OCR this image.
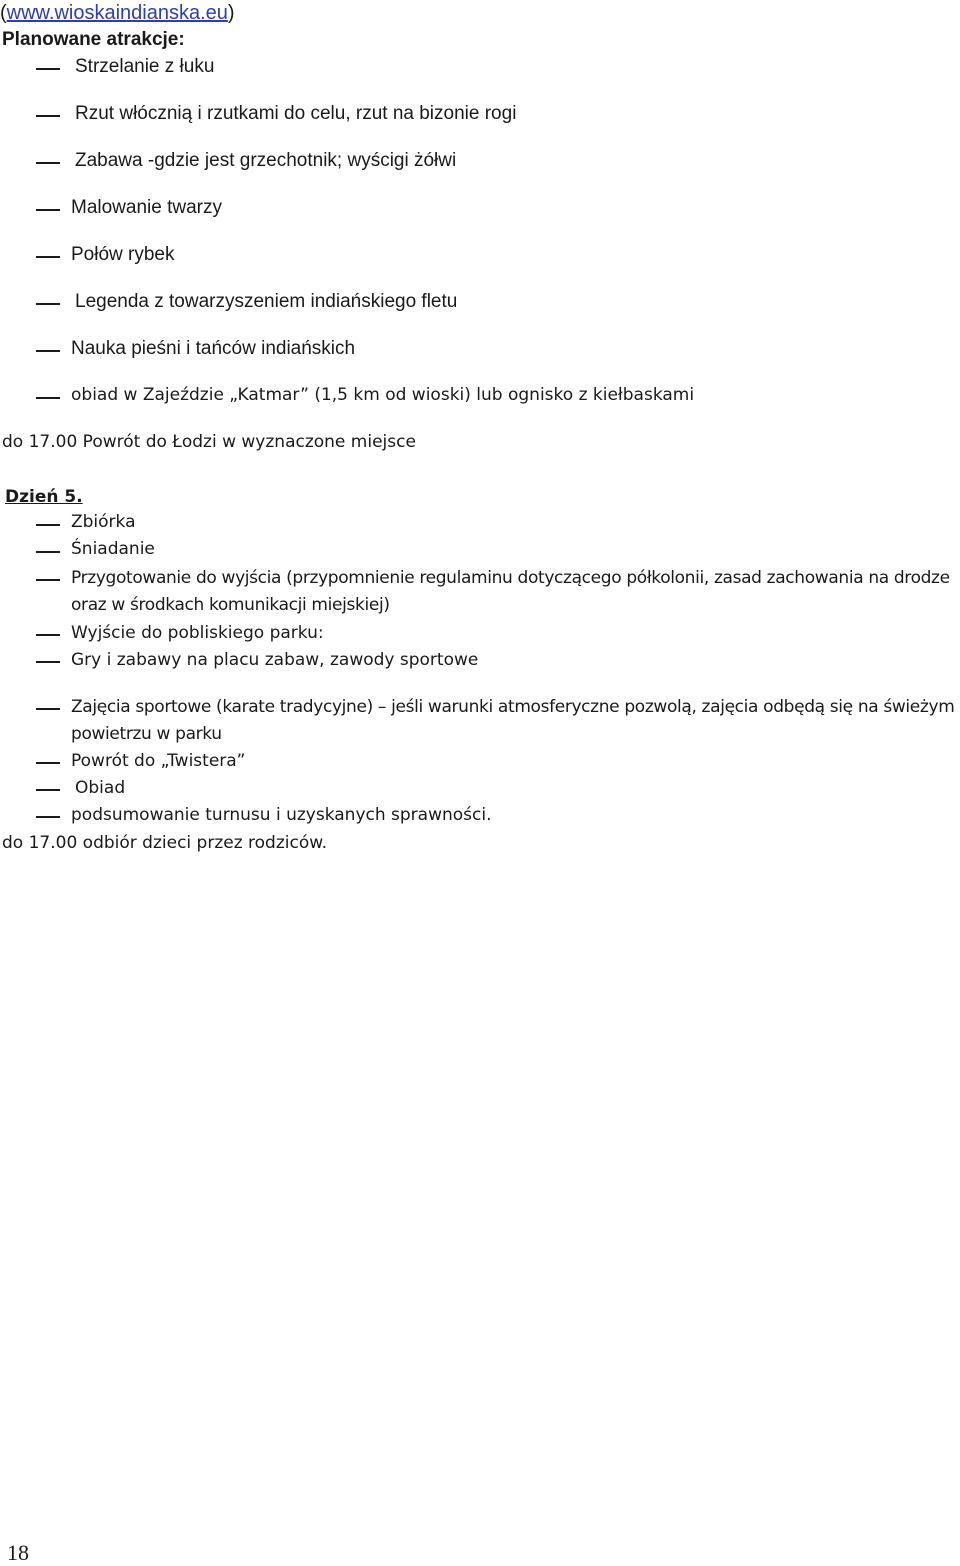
(www.wioskaindianska.eu)
Planowane atrakcje:
Strzelanie z łuku
Rzut włócznią i rzutkami do celu, rzut na bizonie rogi
Zabawa -gdzie jest grzechotnik; wyścigi żółwi
Malowanie twarzy
Połów rybek
Legenda z towarzyszeniem indiańskiego fletu
Nauka pieśni i tańców indiańskich
obiad w Zajeździe „Katmar” (1,5 km od wioski) lub ognisko z kiełbaskami
do 17.00 Powrót do Łodzi w wyznaczone miejsce
Dzień 5.
Zbiórka
Śniadanie
Przygotowanie do wyjścia (przypomnienie regulaminu dotyczącego półkolonii, zasad zachowania na drodze oraz w środkach komunikacji miejskiej)
Wyjście do pobliskiego parku:
Gry i zabawy na placu zabaw, zawody sportowe
Zajęcia sportowe (karate tradycyjne) – jeśli warunki atmosferyczne pozwolą, zajęcia odbędą się na świeżym powietrzu w parku
Powrót do „Twistera”
Obiad
podsumowanie turnusu i uzyskanych sprawności.
do 17.00 odbiór dzieci przez rodziców.
18
